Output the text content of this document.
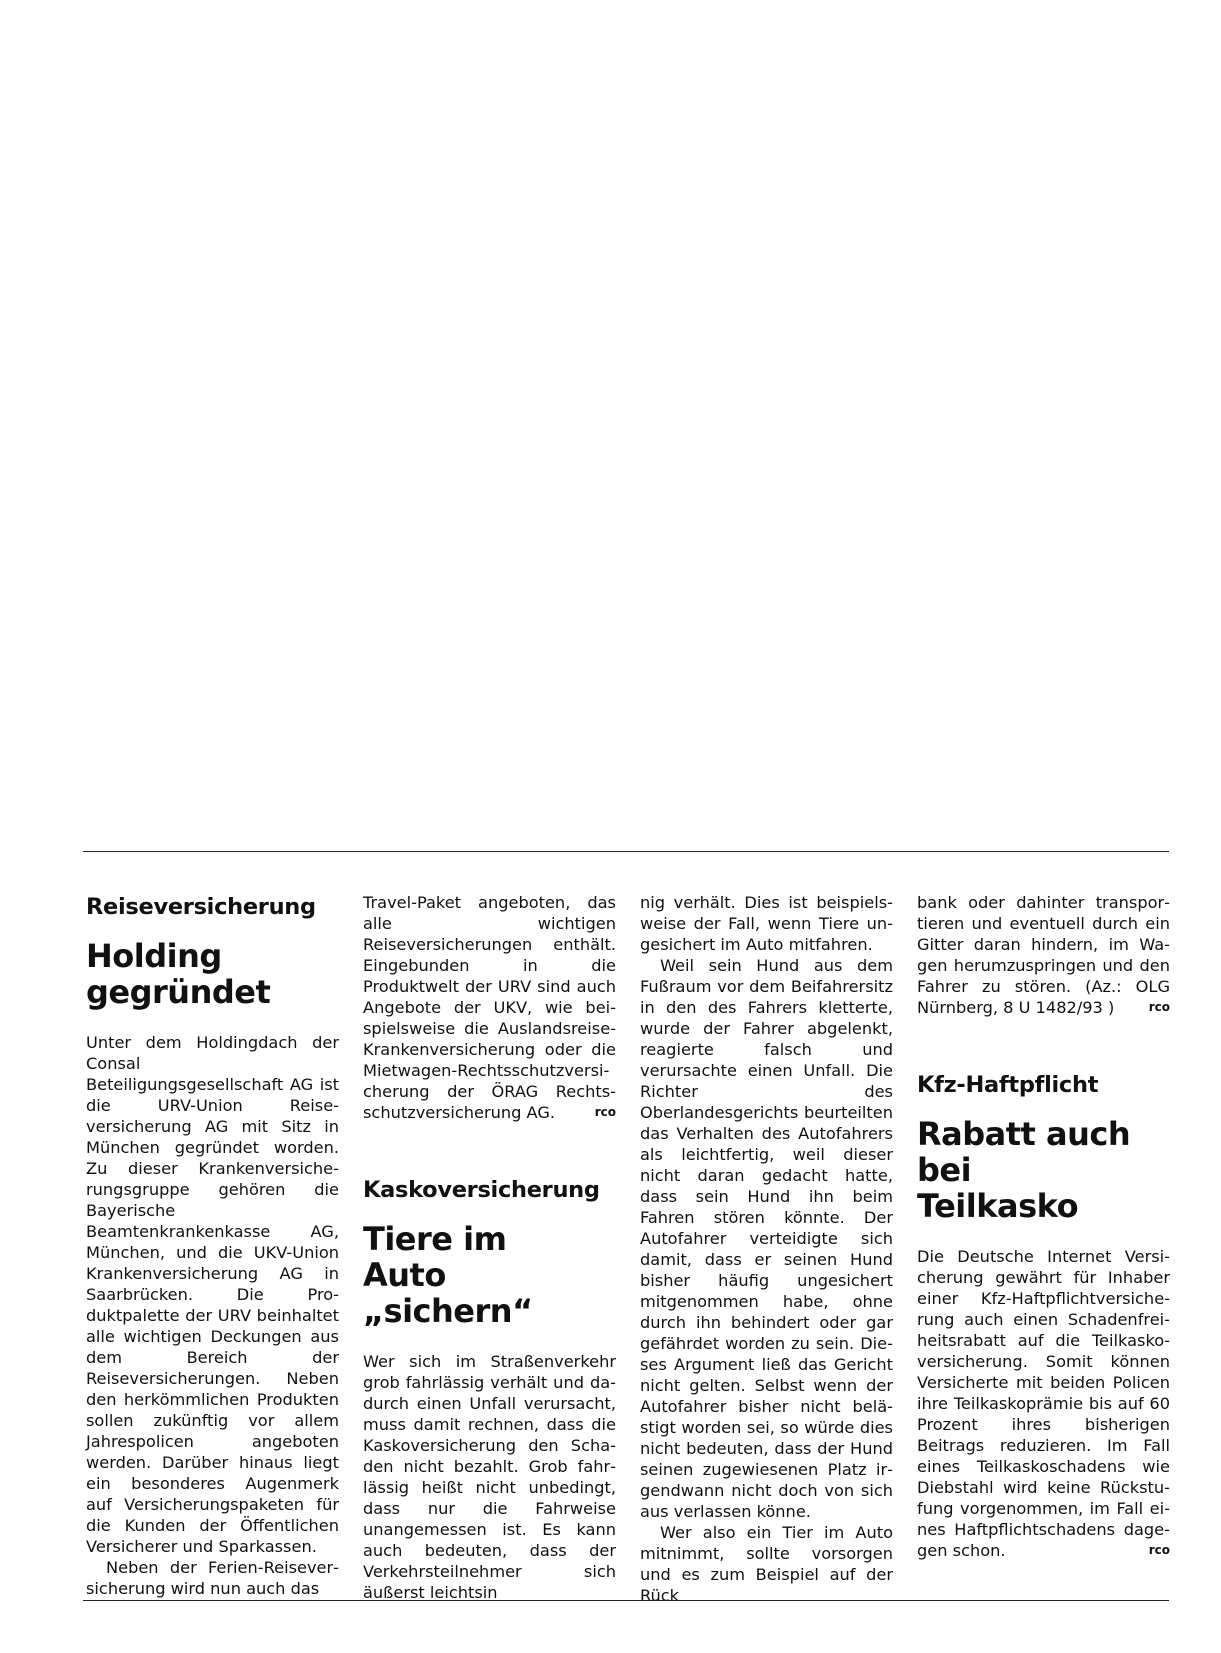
Reiseversicherung
Holding
gegründet

Unter dem Holdingdach der Consal Beteiligungsgesellschaft AG ist die URV-Union Reiseversicherung AG mit Sitz in München gegründet worden. Zu dieser Krankenversicherungsgruppe gehören die Bayerische Beamtenkrankenkasse AG, München, und die UKV-Union Krankenversicherung AG in Saarbrücken. Die Produktpalette der URV beinhaltet alle wichtigen Deckungen aus dem Bereich der Reiseversicherungen. Neben den herkömmlichen Produkten sollen zukünftig vor allem Jahrespolicen angeboten werden. Darüber hinaus liegt ein besonderes Augenmerk auf Versicherungspaketen für die Kunden der Öffentlichen Versicherer und Sparkassen.

Neben der Ferien-Reiseversicherung wird nun auch das

Travel-Paket angeboten, das alle wichtigen Reiseversicherungen enthält. Eingebunden in die Produktwelt der URV sind auch Angebote der UKV, wie beispielsweise die Auslandsreise-Krankenversicherung oder die Mietwagen-Rechtsschutzversicherung der ÖRAG Rechtsschutzversicherung AG.	rco

Kaskoversicherung
Tiere im
Auto „sichern“

Wer sich im Straßenverkehr grob fahrlässig verhält und dadurch einen Unfall verursacht, muss damit rechnen, dass die Kaskoversicherung den Schaden nicht bezahlt. Grob fahrlässig heißt nicht unbedingt, dass nur die Fahrweise unangemessen ist. Es kann auch bedeuten, dass der Verkehrsteilnehmer sich äußerst leichtsin

nig verhält. Dies ist beispielsweise der Fall, wenn Tiere ungesichert im Auto mitfahren.

Weil sein Hund aus dem Fußraum vor dem Beifahrersitz in den des Fahrers kletterte, wurde der Fahrer abgelenkt, reagierte falsch und verursachte einen Unfall. Die Richter des Oberlandesgerichts beurteilten das Verhalten des Autofahrers als leichtfertig, weil dieser nicht daran gedacht hatte, dass sein Hund ihn beim Fahren stören könnte. Der Autofahrer verteidigte sich damit, dass er seinen Hund bisher häufig ungesichert mitgenommen habe, ohne durch ihn behindert oder gar gefährdet worden zu sein. Dieses Argument ließ das Gericht nicht gelten. Selbst wenn der Autofahrer bisher nicht belästigt worden sei, so würde dies nicht bedeuten, dass der Hund seinen zugewiesenen Platz irgendwann nicht doch von sich aus verlassen könne.

Wer also ein Tier im Auto mitnimmt, sollte vorsorgen und es zum Beispiel auf der Rück

bank oder dahinter transportieren und eventuell durch ein Gitter daran hindern, im Wagen herumzuspringen und den Fahrer zu stören. (Az.: OLG Nürnberg, 8 U 1482/93 )	rco

Kfz-Haftpflicht
Rabatt auch bei
Teilkasko

Die Deutsche Internet Versicherung gewährt für Inhaber einer Kfz-Haftpflichtversicherung auch einen Schadenfreiheitsrabatt auf die Teilkaskoversicherung. Somit können Versicherte mit beiden Policen ihre Teilkaskoprämie bis auf 60 Prozent ihres bisherigen Beitrags reduzieren. Im Fall eines Teilkaskoschadens wie Diebstahl wird keine Rückstufung vorgenommen, im Fall eines Haftpflichtschadens dagegen schon.	rco
